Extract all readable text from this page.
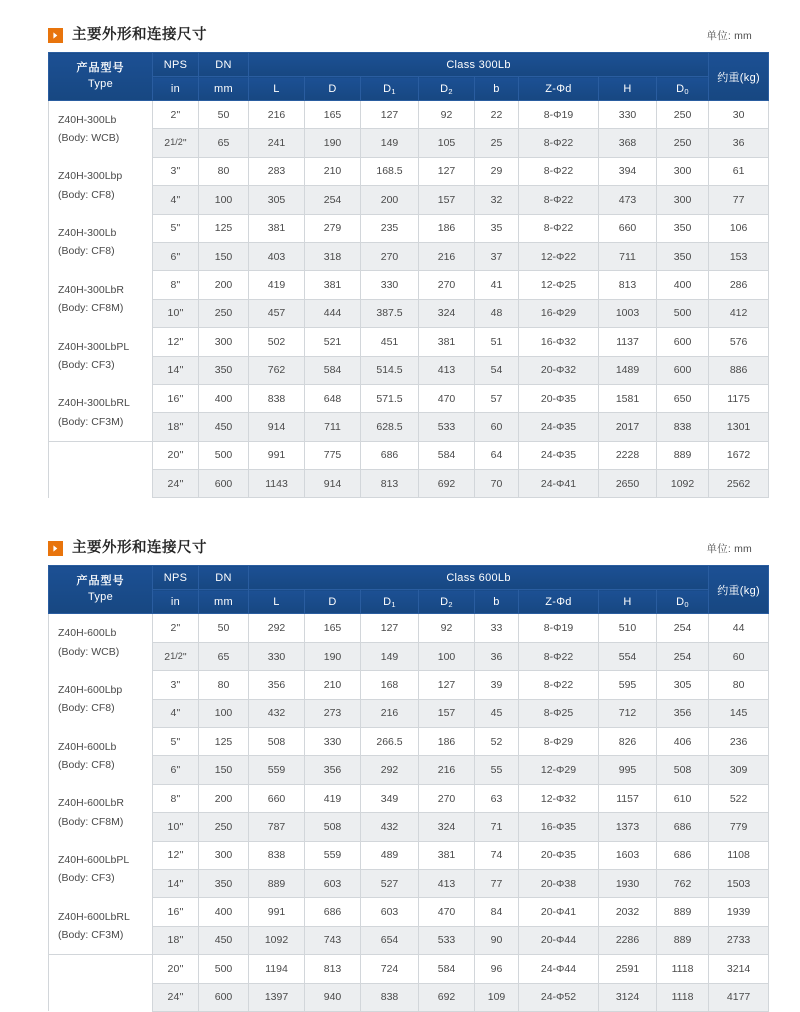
主要外形和连接尺寸	单位: mm
产品型号
Type	NPS	DN	Class 300Lb								约重(kg)
	in	mm	L	D	$D_1$	$D_2$	b	Z-Φd	H	$D_0$

Z40H-300Lb
(Body: WCB)	2"	50	216	165	127	92	22	8-Φ19	330	250	30
	21/2"	65	241	190	149	105	25	8-Φ22	368	250	36

Z40H-300Lbp
(Body: CF8)	3"	80	283	210	168.5	127	29	8-Φ22	394	300	61
	4"	100	305	254	200	157	32	8-Φ22	473	300	77

Z40H-300Lb
(Body: CF8)	5"	125	381	279	235	186	35	8-Φ22	660	350	106
	6"	150	403	318	270	216	37	12-Φ22	711	350	153

Z40H-300LbR
(Body: CF8M)	8"	200	419	381	330	270	41	12-Φ25	813	400	286
	10"	250	457	444	387.5	324	48	16-Φ29	1003	500	412

Z40H-300LbPL
(Body: CF3)	12"	300	502	521	451	381	51	16-Φ32	1137	600	576
	14"	350	762	584	514.5	413	54	20-Φ32	1489	600	886

Z40H-300LbRL
(Body: CF3M)	16"	400	838	648	571.5	470	57	20-Φ35	1581	650	1175
	18"	450	914	711	628.5	533	60	24-Φ35	2017	838	1301

	20"	500	991	775	686	584	64	24-Φ35	2228	889	1672
	24"	600	1143	914	813	692	70	24-Φ41	2650	1092	2562
主要外形和连接尺寸	单位: mm
产品型号
Type	NPS	DN	Class 600Lb								约重(kg)
	in	mm	L	D	$D_1$	$D_2$	b	Z-Φd	H	$D_0$

Z40H-600Lb
(Body: WCB)	2"	50	292	165	127	92	33	8-Φ19	510	254	44
	21/2"	65	330	190	149	100	36	8-Φ22	554	254	60

Z40H-600Lbp
(Body: CF8)	3"	80	356	210	168	127	39	8-Φ22	595	305	80
	4"	100	432	273	216	157	45	8-Φ25	712	356	145

Z40H-600Lb
(Body: CF8)	5"	125	508	330	266.5	186	52	8-Φ29	826	406	236
	6"	150	559	356	292	216	55	12-Φ29	995	508	309

Z40H-600LbR
(Body: CF8M)	8"	200	660	419	349	270	63	12-Φ32	1157	610	522
	10"	250	787	508	432	324	71	16-Φ35	1373	686	779

Z40H-600LbPL
(Body: CF3)	12"	300	838	559	489	381	74	20-Φ35	1603	686	1108
	14"	350	889	603	527	413	77	20-Φ38	1930	762	1503

Z40H-600LbRL
(Body: CF3M)	16"	400	991	686	603	470	84	20-Φ41	2032	889	1939
	18"	450	1092	743	654	533	90	20-Φ44	2286	889	2733

	20"	500	1194	813	724	584	96	24-Φ44	2591	1118	3214
	24"	600	1397	940	838	692	109	24-Φ52	3124	1118	4177
